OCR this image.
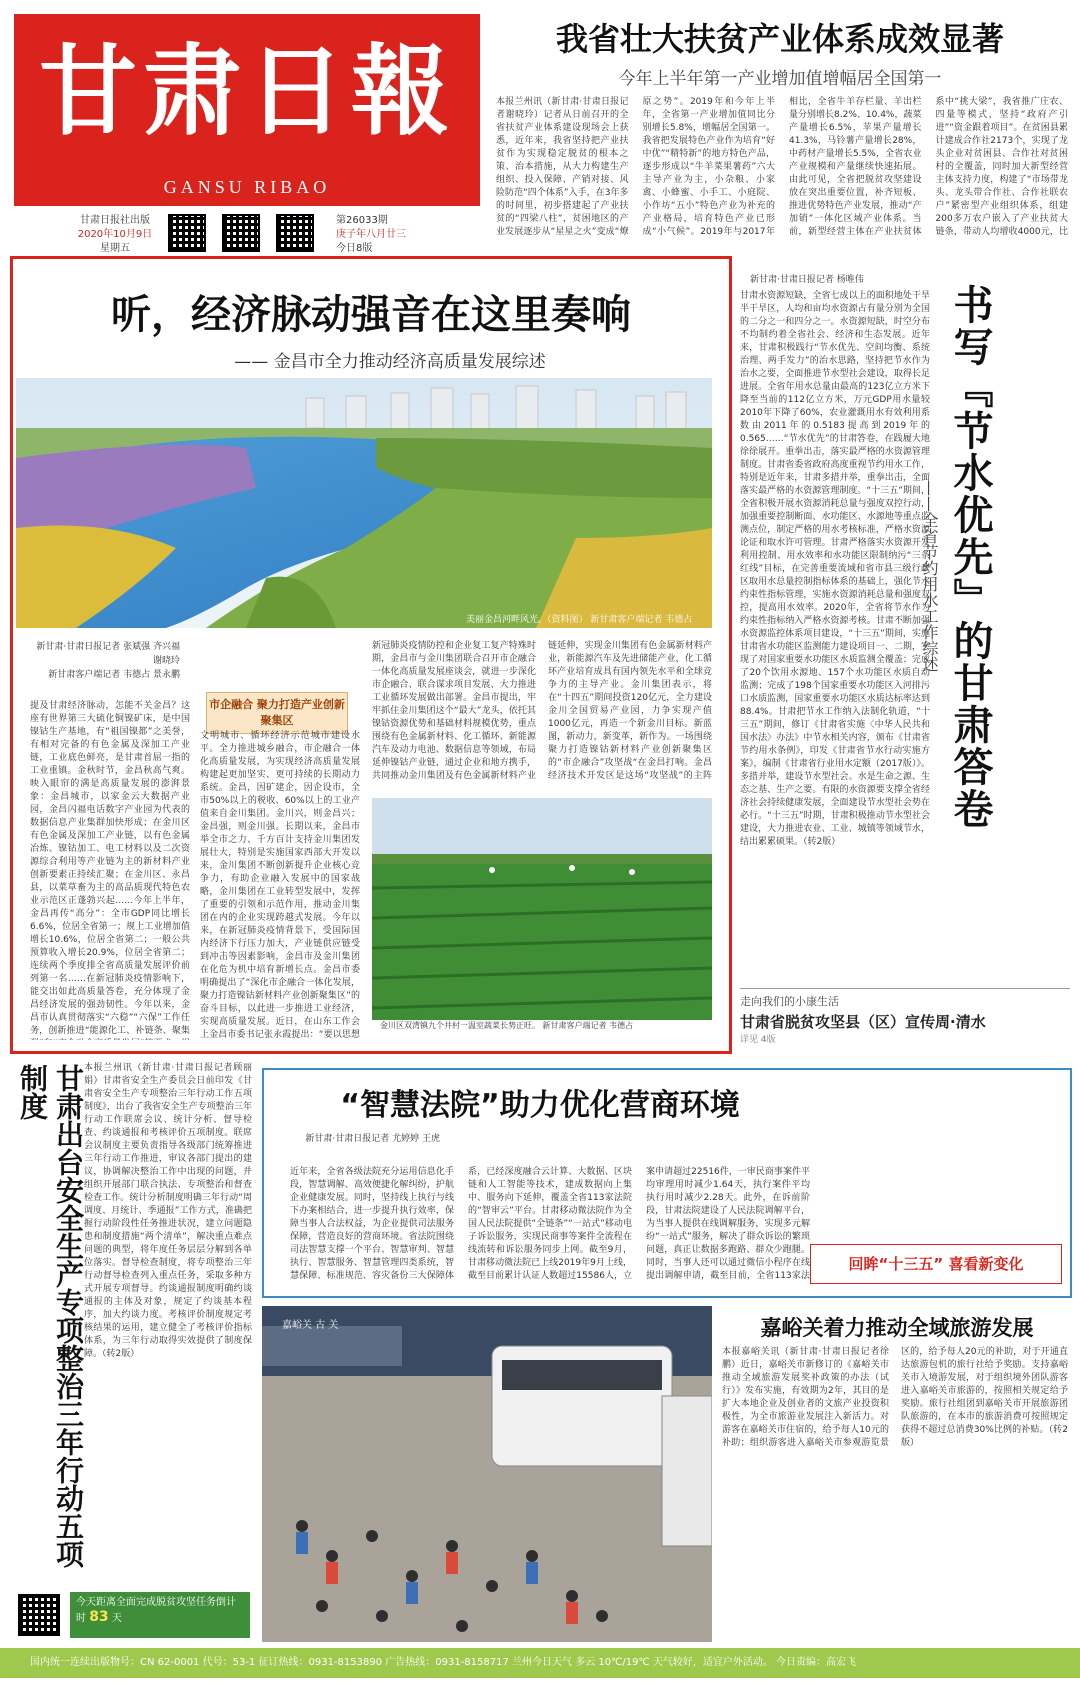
甘肃日報
GANSU RIBAO
甘肃日报社出版
2020年10月9日
星期五
第26033期
庚子年八月廿三
今日8版
我省壮大扶贫产业体系成效显著
今年上半年第一产业增加值增幅居全国第一
本报兰州讯（新甘肃·甘肃日报记者谢晓玲）记者从日前召开的全省扶贫产业体系建设现场会上获悉，近年来，我省坚持把产业扶贫作为实现稳定脱贫的根本之策、治本措施，从大力构建生产组织、投入保障、产销对接、风险防范“四个体系”入手，在3年多的时间里，初步搭建起了产业扶贫的“四梁八柱”，贫困地区的产业发展逐步从“星星之火”变成“燎原之势”。2019年和今年上半年，全省第一产业增加值同比分别增长5.8%，增幅居全国第一。我省把发展特色产业作为培育“好中优”“精特新”的地方特色产品，逐步形成以“牛羊菜果薯药”六大主导产业为主，小杂粮、小家禽、小蜂蜜、小手工、小庭院、小作坊“五小”特色产业为补充的产业格局，培育特色产业已形成“小气候”。2019年与2017年相比，全省牛羊存栏量、羊出栏量分别增长8.2%、10.4%，蔬菜产量增长6.5%，苹果产量增长41.3%，马铃薯产量增长28%，中药材产量增长5.5%，全省农业产业规模和产量继续快速拓展。由此可见，全省把脱贫攻坚建设放在突出重要位置，补齐短板、推进优势特色产业发展，推动“产加销”一体化区域产业体系。当前，新型经营主体在产业扶贫体系中“挑大梁”，我省推广庄农、四量等模式，坚持“政府产引进”“资金跟着项目”。在贫困县累计建成合作社2173个，实现了龙头企业对贫困县、合作社对贫困村的全覆盖，同时加大新型经营主体支持力度，构建了“市场带龙头、龙头带合作社、合作社联农户”紧密型产业组织体系，组建200多万农户嵌入了产业扶贫大链条，带动人均增收4000元，比
听，经济脉动强音在这里奏响
—— 金昌市全力推动经济高质量发展综述
美丽金昌河畔风光。（资料图） 新甘肃客户端记者 韦德占
新甘肃·甘肃日报记者 张斌强 齐兴福 谢晓玲
新甘肃客户端记者 韦德占 景永鹏
市企融合 聚力打造产业创新聚集区
提及甘肃经济脉动，怎能不关金昌？这座有世界第三大硫化铜镍矿床，是中国镍钴生产基地，有“祖国镍都”之美誉，有相对完备的有色金属及深加工产业链，工业底色鲜亮，是甘肃首屈一指的工业重镇。金秋时节，金昌秋高气爽。映入眼帘的满是高质量发展的澎湃景象：金昌城市，以家金云大数据产业园，金昌闪福电话数字产业园为代表的数据信息产业集群加快形成；在金川区有色金属及深加工产业链，以有色金属冶炼、镍钴加工、电工材料以及二次资源综合利用等产业链为主的新材料产业创新要素正持续汇聚；在金川区、永昌县，以菜草畜为主的高品质现代特色农业示范区正蓬勃兴起……今年上半年，金昌再传“高分”：全市GDP同比增长6.6%，位居全省第一；规上工业增加值增长10.6%，位居全省第二；一般公共预算收入增长20.9%，位居全省第二；连续两个季度排全省高质量发展评价前列第一名……在新冠肺炎疫情影响下，能交出如此高质量答卷，充分体现了金昌经济发展的强劲韧性。今年以来，金昌市认真贯彻落实“六稳”“六保”工作任务，创新推进“能源化工、补链条、聚集
文明城市、循环经济示范城市建设水平。全力推进城乡融合，市企融合一体化高质量发展，为实现经济高质量发展构建起更加坚实、更可持续的长期动力系统。金昌，因矿建企，因企设市，全市50%以上的税收、60%以上的工业产值来自金川集团。金川兴，则金昌兴；金昌强，则金川强。长期以来，金昌市举全市之力、千方百计支持金川集团发展壮大，特别是实施国家西部大开发以来，金川集团不断创新提升企业核心竞争力，有助企业融入发展中的国家战略，金川集团在工业转型发展中，发挥了重要的引领和示范作用，推动金川集团在内的企业实现跨越式发展。今年以来，在新冠肺炎疫情背景下，受国际国内经济下行压力加大，产业链供应链受到冲击等因素影响，金昌市及金川集团在化危为机中培育新增长点。金昌市委明确提出了“深化市企融合一体化发展，聚力打造镍钴新材料产业创新聚集区”的奋斗目标，以此进一步推进工业经济，实现高质量发展。近日，在山东工作会上金昌市委书记张永霞提出：“要以思想
新冠肺炎疫情防控和企业复工复产特殊时期，金昌市与金川集团联合召开市企融合一体化高质量发展座谈会，就进一步深化市企融合、联合谋求项目发展、大力推进工业循环发展做出部署。金昌市提出，牢牢抓住金川集团这个“最大”龙头，依托其镍钴资源优势和基础材料规模优势，重点围绕有色金属新材料、化工循环、新能源汽车及动力电池、数据信息等领域，布局延伸镍钴产业链，通过企业和地方携手，共同推动金川集团及有色金属新材料产业链延伸，实现金川集团有色金属新材料产业，新能源汽车及先进储能产业，化工循环产业培育成具有国内领先水平和全球竞争力的主导产业。金川集团表示，将在“十四五”期间投资120亿元，全力建设金川全国贸易产业园，力争实现产值1000亿元，再造一个新金川目标。新蓝图，新动力，新变革，新作为。一场围绕聚力打造镍钴新材料产业创新聚集区的“市企融合”攻坚战“在金昌打响。金昌经济技术开发区是这场“攻坚战”的主阵
金川区双湾镇九个井村一温室蔬菜长势正旺。 新甘肃客户端记者 韦德占
新甘肃·甘肃日报记者 杨唯伟
甘肃水资源短缺，全省七成以上的面积地处干旱半干旱区，人均和亩均水资源占有量分别为全国的二分之一和四分之一。水资源短缺，时空分布不均制约着全省社会、经济和生态发展。近年来，甘肃积极践行“节水优先、空间均衡、系统治理、两手发力”的治水思路，坚持把节水作为治水之要，全面推进节水型社会建设，取得长足进展。全省年用水总量由最高的123亿立方米下降至当前的112亿立方米，万元GDP用水量较2010年下降了60%，农业灌溉用水有效利用系数由2011年的0.5183提高到2019年的0.565……“节水优先”的甘肃答卷，在践履大地徐徐展开。重拳出击，落实最严格的水资源管理制度。甘肃省委省政府高度重视节约用水工作，特别是近年来，甘肃多措并举，重拳出击，全面落实最严格的水资源管理制度。“十三五”期间，全省积极开展水资源消耗总量与强度双控行动，加强重要控制断面、水功能区、水源地等重点监测点位，制定严格的用水考核标准，严格水资源论证和取水许可管理。甘肃严格落实水资源开发利用控制、用水效率和水功能区限制纳污“三条红线”目标，在完善重要流域和省市县三级行政区取用水总量控制指标体系的基础上，强化节水约束性指标管理，实施水资源消耗总量和强度双控，提高用水效率。2020年，全省将节水作为约束性指标纳入严格水资源考核。甘肃不断加强水资源监控体系项目建设，“十三五”期间，实施甘肃省水功能区监测能力建设项目一、二期，实现了对国家重要水功能区水质监测全覆盖；完成了20个饮用水源地、157个水功能区水质自动监测；完成了198个国家重要水功能区入河排污口水质监测，国家重要水功能区水质达标率达到88.4%。甘肃把节水工作纳入法制化轨道，“十三五”期间，修订《甘肃省实施〈中华人民共和国水法〉办法》中节水相关内容，颁布《甘肃省节约用水条例》，印发《甘肃省节水行动实施方案》，编制《甘肃省行业用水定额（2017版）》。多措并举，建设节水型社会。水是生命之源、生态之基、生产之要。有限的水资源要支撑全省经济社会持续健康发展，全面建设节水型社会势在必行。“十三五”时期，甘肃积极推动节水型社会建设，大力推进农业、工业、城镇等领域节水，结出累累硕果。（转2版）
书写『节水优先』的甘肃答卷
——全省节约用水工作综述
走向我们的小康生活
甘肃省脱贫攻坚县（区）宣传周·清水
详见 4版
甘肃出台安全生产专项整治三年行动五项制度	本报兰州讯（新甘肃·甘肃日报记者顾丽娟）甘肃省安全生产委员会日前印发《甘肃省安全生产专项整治三年行动工作五项制度》，出台了我省安全生产专项整治三年行动工作联席会议、统计分析、督导检查、约谈通报和考核评价五项制度。联席会议制度主要负责指导各级部门统筹推进三年行动工作推进，审议各部门提出的建议，协调解决整治工作中出现的问题，并组织开展部门联合执法、专项整治和督查检查工作。统计分析制度明确三年行动“周调度、月统计、季通报”工作方式，准确把握行动阶段性任务推进状况，建立问题隐患和制度措施“两个清单”，解决重点难点问题的典型，将年度任务层层分解到各单位落实。督导检查制度，将专项整治三年行动督导检查列入重点任务，采取多种方式开展专项督导。约谈通报制度明确约谈通报的主体及对象，规定了约谈基本程序，加大约谈力度。考核评价制度规定考核结果的运用，建立健全了考核评价指标体系，为三年行动取得实效提供了制度保障。（转2版）
今天距离全面完成脱贫攻坚任务倒计时 83 天
“智慧法院”助力优化营商环境
新甘肃·甘肃日报记者 尤婷婷 王虎
近年来，全省各级法院充分运用信息化手段，智慧调解、高效便捷化解纠纷，护航企业健康发展。同时，坚持线上执行与线下办案相结合，进一步提升执行效率，保障当事人合法权益，为企业提供司法服务保障，营造良好的营商环境。省法院围绕司法智慧支撑一个平台、智慧审判、智慧执行、智慧服务、智慧管理四类系统，智慧保障、标准规范、容灾备份三大保障体系，已经深度融合云计算、大数据、区块链和人工智能等技术，建成数据向上集中、服务向下延伸，覆盖全省113家法院的“智审云”平台。甘肃移动微法院作为全国人民法院提供“全链条”“一站式”移动电子诉讼服务，实现民商事等案件全流程在线流转和诉讼服务同步上网。截至9月，甘肃移动微法院已上线2019年9月上线，截至目前累计认证人数超过15586人，立案申请超过22516件，一审民商事案件平均审理用时减少1.64天，执行案件平均执行用时减少2.28天。此外，在诉前阶段，甘肃法院建设了人民法院调解平台，为当事人提供在线调解服务，实现多元解纷“一站式”服务，解决了群众诉讼的繁琐问题，真正让数据多跑路、群众少跑腿。同时，当事人还可以通过微信小程序在线提出调解申请，截至目前，全省113家法
回眸“十三五” 喜看新变化
嘉峪关 古 关	嘉峪关着力推动全域旅游发展
本报嘉峪关讯（新甘肃·甘肃日报记者徐鹏）近日，嘉峪关市新修订的《嘉峪关市推动全域旅游发展奖补政策的办法（试行）》发布实施，有效期为2年，其目的是扩大本地企业及创业者的文旅产业投资积极性，为全市旅游业发展注入新活力。对游客在嘉峪关市住宿的，给予每人10元的补助；组织游客进入嘉峪关市参观游览景区的，给予每人20元的补助，对于开通直达旅游包机的旅行社给予奖励。支持嘉峪关市入境游发展，对于组织境外团队游客进入嘉峪关市旅游的，按照相关规定给予奖励。旅行社组团到嘉峪关市开展旅游团队旅游的，在本市的旅游消费可按照规定获得不超过总消费30%比例的补贴。（转2版）
国内统一连续出版物号：CN 62-0001 代号：53-1 征订热线：0931-8153890 广告热线：0931-8158717 兰州今日天气 多云 10℃/19℃ 天气较好，适宜户外活动。 今日责编：高宏飞
